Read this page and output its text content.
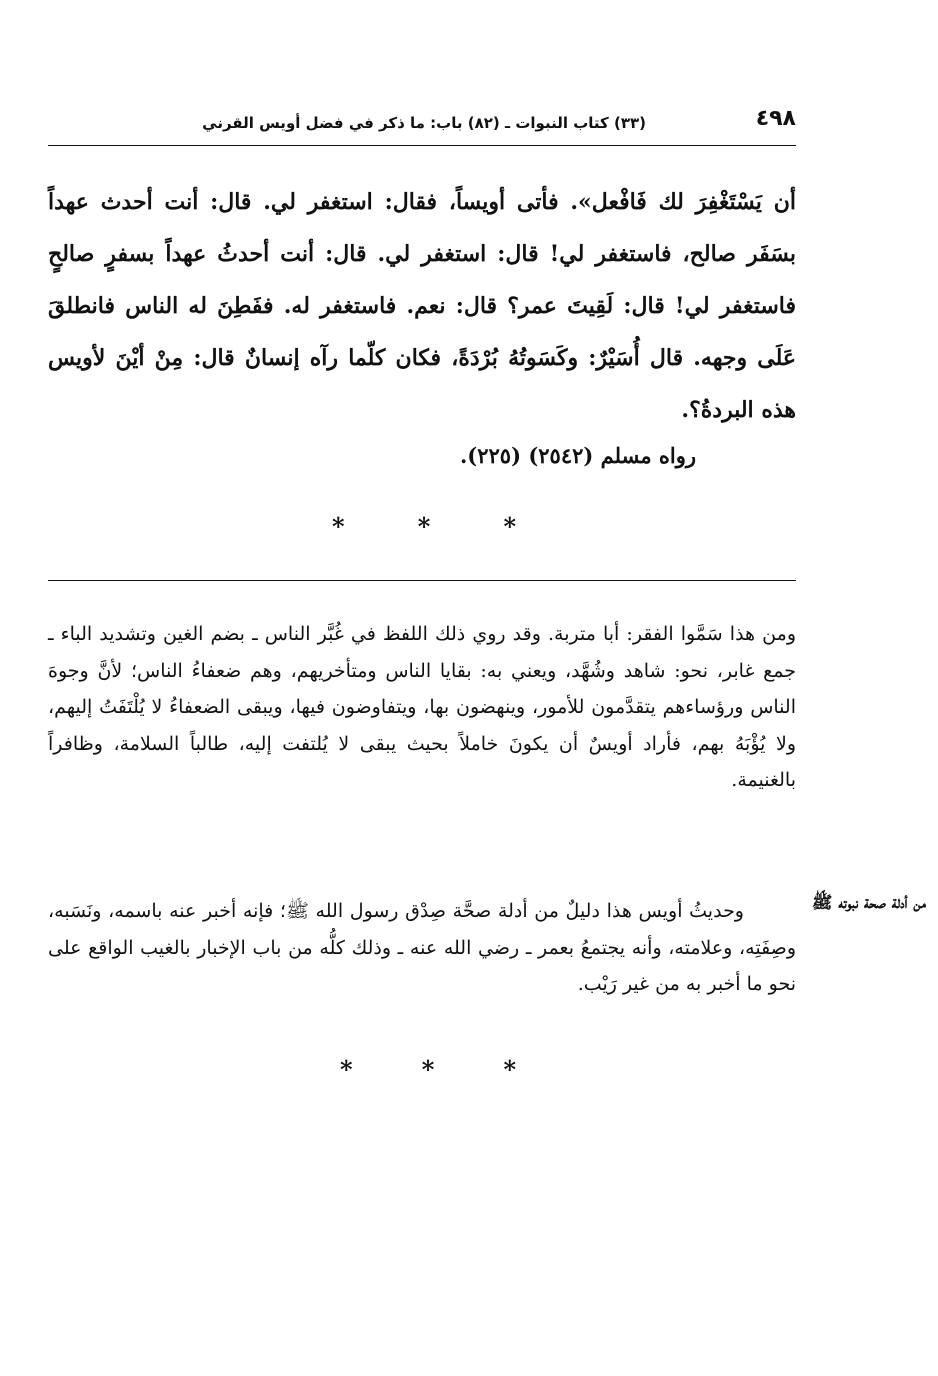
٤٩٨
(٣٣) كتاب النبوات ـ (٨٢) باب: ما ذكر في فضل أويس القرني

أن يَسْتَغْفِرَ لك فَافْعل». فأتى أويساً، فقال: استغفر لي. قال: أنت أحدث عهداً بسَفَر صالح، فاستغفر لي! قال: استغفر لي. قال: أنت أحدثُ عهداً بسفرٍ صالحٍ فاستغفر لي! قال: لَقِيتَ عمر؟ قال: نعم. فاستغفر له. ففَطِنَ له الناس فانطلقَ عَلَى وجهه. قال أُسَيْرٌ: وكَسَوتُهُ بُرْدَةً، فكان كلّما رآه إنسانٌ قال: مِنْ أيْنَ لأويس هذه البردةُ؟.

رواه مسلم (٢٥٤٢) (٢٢٥).
*
*
*

ومن هذا سَمَّوا الفقر: أبا متربة. وقد روي ذلك اللفظ في غُبَّر الناس ـ بضم الغين وتشديد الباء ـ جمع غابر، نحو: شاهد وشُهَّد، ويعني به: بقايا الناس ومتأخريهم، وهم ضعفاءُ الناس؛ لأنَّ وجوهَ الناس ورؤساءهم يتقدَّمون للأمور، وينهضون بها، ويتفاوضون فيها، ويبقى الضعفاءُ لا يُلْتَفَتُ إليهم، ولا يُؤْبَهُ بهم، فأراد أويسٌ أن يكونَ خاملاً بحيث يبقى لا يُلتفت إليه، طالباً السلامة، وظافراً بالغنيمة.

وحديثُ أويس هذا دليلٌ من أدلة صحَّة صِدْق رسول الله ﷺ؛ فإنه أخبر عنه باسمه، ونَسَبه، وصِفَتِه، وعلامته، وأنه يجتمعُ بعمر ـ رضي الله عنه ـ وذلك كلُّه من باب الإخبار بالغيب الواقع على نحو ما أخبر به من غير رَيْب.

من أدلة صحة نبوته ﷺ
*
*
*
